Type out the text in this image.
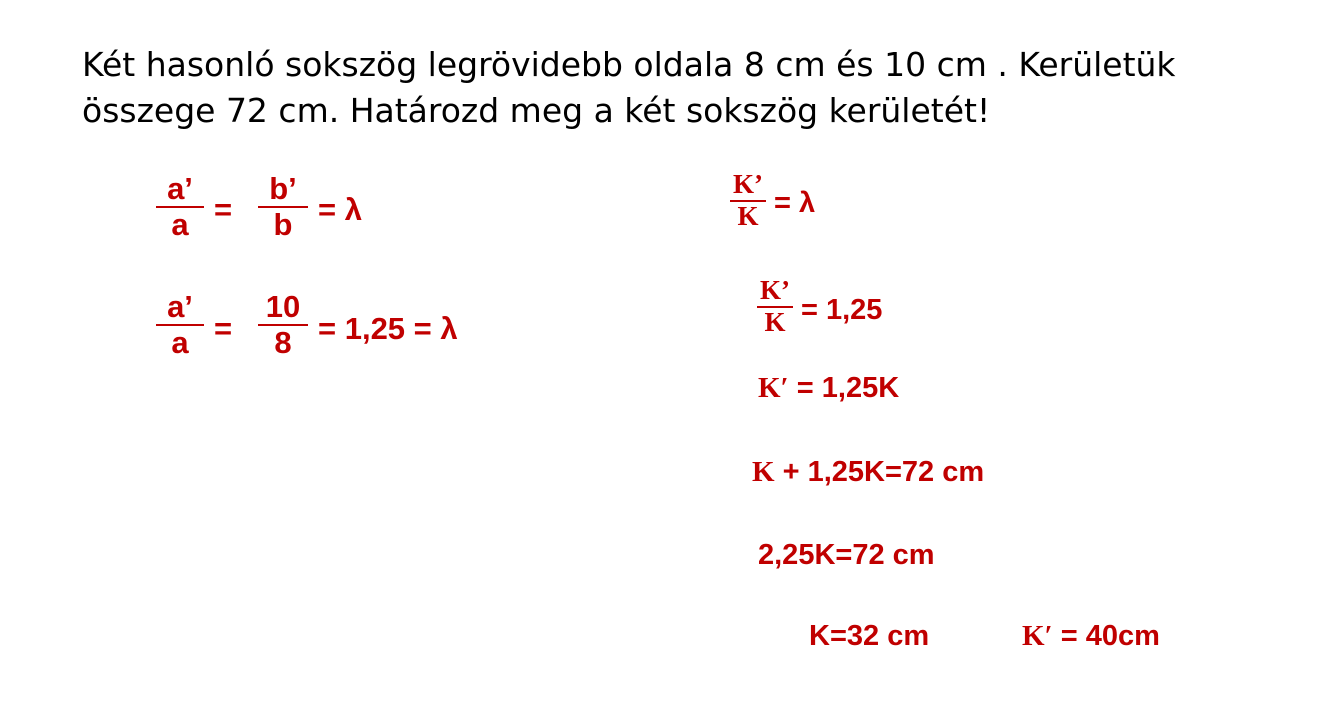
Két hasonló sokszög legrövidebb oldala 8 cm és 10 cm . Kerületük
összege 72 cm. Határozd meg a két sokszög kerületét!
a’
a =
b’
b = λ
a’
a =
10
8 = 1,25 = λ
K’
K = λ
K’
K = 1,25
K′ = 1,25K
K + 1,25K=72 cm
2,25K=72 cm
K=32 cm	K′ = 40cm
